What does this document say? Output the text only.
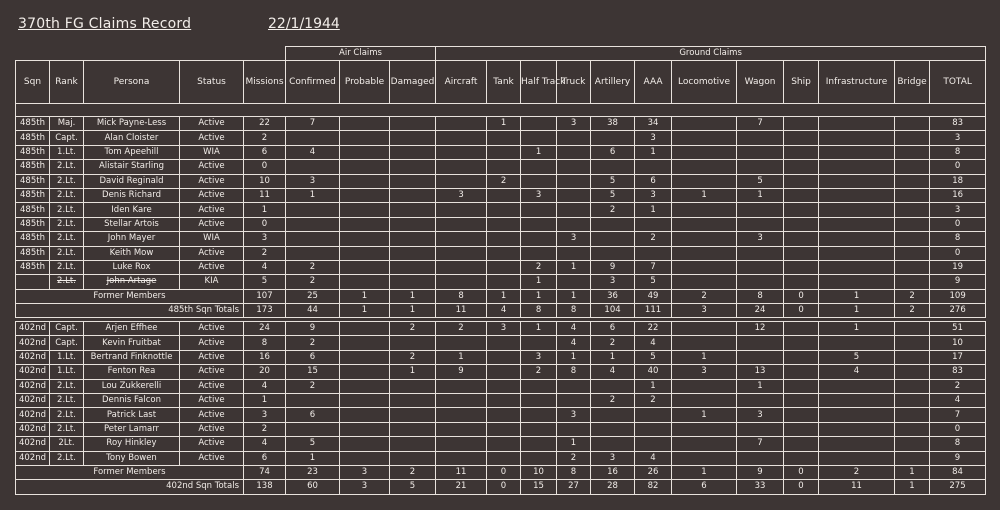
370th FG Claims Record	22/1/1944
					Air Claims			Ground Claims											
Sqn	Rank	Persona	Status	Missions	Confirmed	Probable	Damaged	Aircraft	Tank	Half Track	Truck	Artillery	AAA	Locomotive	Wagon	Ship	Infrastructure	Bridge	TOTAL

485th	Maj.	Mick Payne-Less	Active	22	7				1		3	38	34		7				83
485th	Capt.	Alan Cloister	Active	2									3						3
485th	1.Lt.	Tom Apeehill	WIA	6	4					1		6	1						8
485th	2.Lt.	Alistair Starling	Active	0															0
485th	2.Lt.	David Reginald	Active	10	3				2			5	6		5				18
485th	2.Lt.	Denis Richard	Active	11	1			3		3		5	3	1	1				16
485th	2.Lt.	Iden Kare	Active	1								2	1						3
485th	2.Lt.	Stellar Artois	Active	0															0
485th	2.Lt.	John Mayer	WIA	3							3		2		3				8
485th	2.Lt.	Keith Mow	Active	2															0
485th	2.Lt.	Luke Rox	Active	4	2					2	1	9	7						19
	2.Lt.	John Artage	KIA	5	2					1		3	5						9
Former Members				107	25	1	1	8	1	1	1	36	49	2	8	0	1	2	109
485th Sqn Totals				173	44	1	1	11	4	8	8	104	111	3	24	0	1	2	276
402nd	Capt.	Arjen Effhee	Active	24	9		2	2	3	1	4	6	22		12		1		51
402nd	Capt.	Kevin Fruitbat	Active	8	2						4	2	4						10
402nd	1.Lt.	Bertrand Finknottle	Active	16	6		2	1		3	1	1	5	1			5		17
402nd	1.Lt.	Fenton Rea	Active	20	15		1	9		2	8	4	40	3	13		4		83
402nd	2.Lt.	Lou Zukkerelli	Active	4	2								1		1				2
402nd	2.Lt.	Dennis Falcon	Active	1								2	2						4
402nd	2.Lt.	Patrick Last	Active	3	6						3			1	3				7
402nd	2.Lt.	Peter Lamarr	Active	2															0
402nd	2Lt.	Roy Hinkley	Active	4	5						1				7				8
402nd	2.Lt.	Tony Bowen	Active	6	1						2	3	4						9
Former Members				74	23	3	2	11	0	10	8	16	26	1	9	0	2	1	84
402nd Sqn Totals				138	60	3	5	21	0	15	27	28	82	6	33	0	11	1	275
